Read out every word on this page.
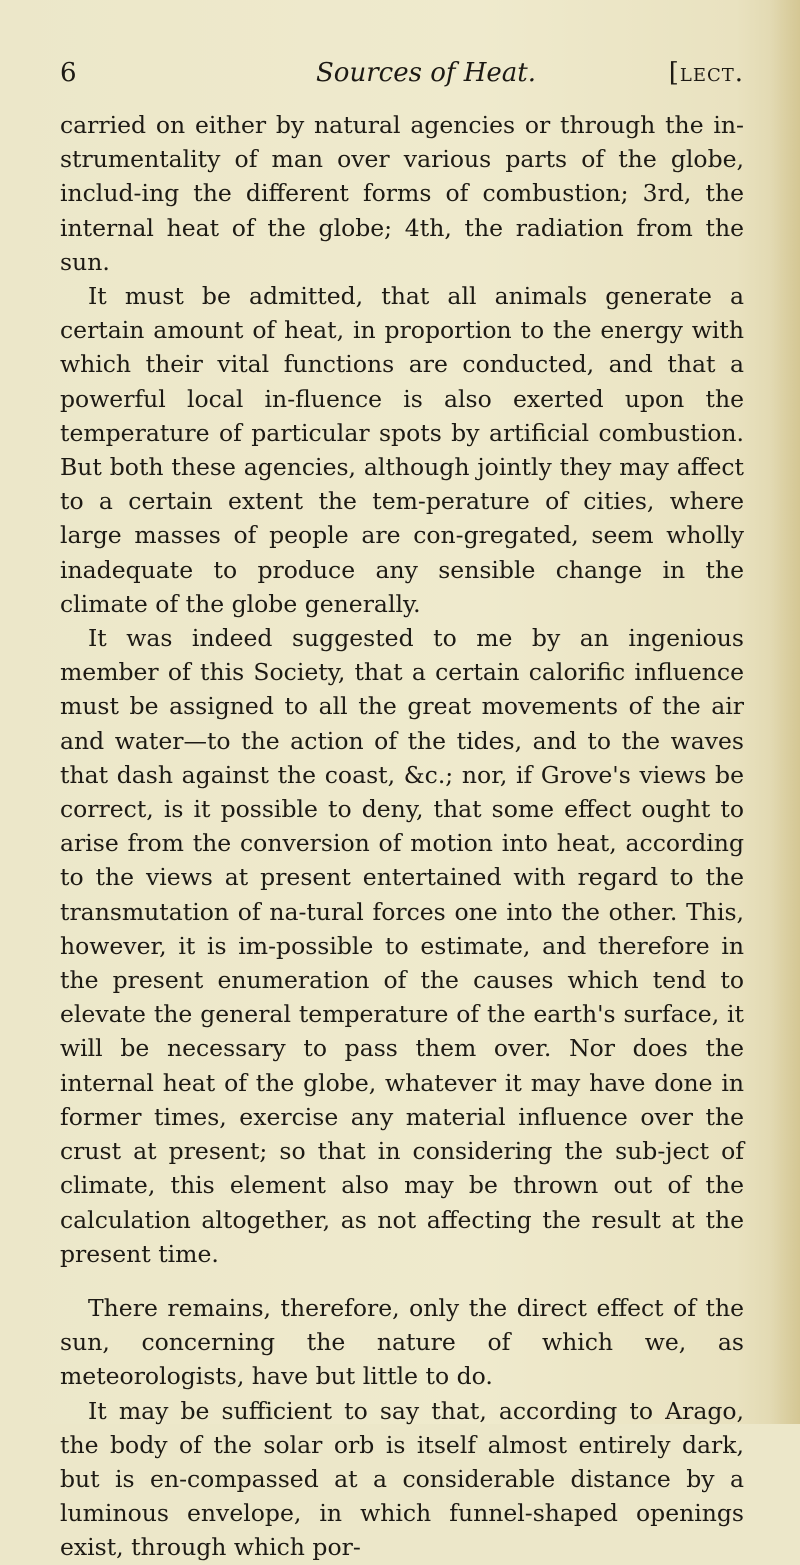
6	Sources of Heat.	[lect.

carried on either by natural agencies or through the in-strumentality of man over various parts of the globe, includ-ing the different forms of combustion; 3rd, the internal heat of the globe; 4th, the radiation from the sun.

It must be admitted, that all animals generate a certain amount of heat, in proportion to the energy with which their vital functions are conducted, and that a powerful local in-fluence is also exerted upon the temperature of particular spots by artificial combustion. But both these agencies, although jointly they may affect to a certain extent the tem-perature of cities, where large masses of people are con-gregated, seem wholly inadequate to produce any sensible change in the climate of the globe generally.

It was indeed suggested to me by an ingenious member of this Society, that a certain calorific influence must be assigned to all the great movements of the air and water—to the action of the tides, and to the waves that dash against the coast, &c.; nor, if Grove's views be correct, is it possible to deny, that some effect ought to arise from the conversion of motion into heat, according to the views at present entertained with regard to the transmutation of na-tural forces one into the other. This, however, it is im-possible to estimate, and therefore in the present enumeration of the causes which tend to elevate the general temperature of the earth's surface, it will be necessary to pass them over. Nor does the internal heat of the globe, whatever it may have done in former times, exercise any material influence over the crust at present; so that in considering the sub-ject of climate, this element also may be thrown out of the calculation altogether, as not affecting the result at the present time.

There remains, therefore, only the direct effect of the sun, concerning the nature of which we, as meteorologists, have but little to do.

It may be sufficient to say that, according to Arago, the body of the solar orb is itself almost entirely dark, but is en-compassed at a considerable distance by a luminous envelope, in which funnel-shaped openings exist, through which por-
